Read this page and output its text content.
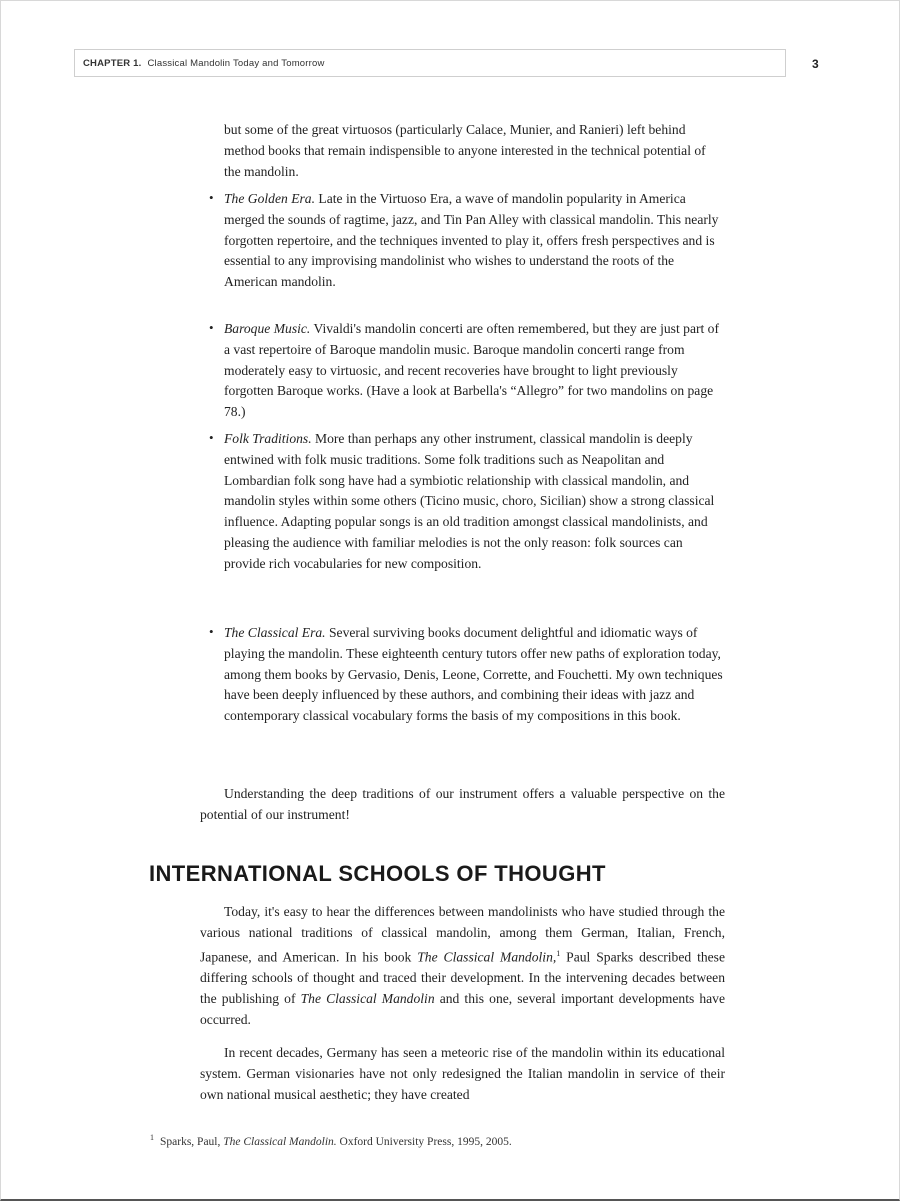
CHAPTER 1. Classical Mandolin Today and Tomorrow	3

but some of the great virtuosos (particularly Calace, Munier, and Ranieri) left behind method books that remain indispensible to anyone interested in the technical potential of the mandolin.

• The Golden Era. Late in the Virtuoso Era, a wave of mandolin popularity in America merged the sounds of ragtime, jazz, and Tin Pan Alley with classical mandolin. This nearly forgotten repertoire, and the techniques invented to play it, offers fresh perspectives and is essential to any improvising mandolinist who wishes to understand the roots of the American mandolin.

• Baroque Music. Vivaldi's mandolin concerti are often remembered, but they are just part of a vast repertoire of Baroque mandolin music. Baroque mandolin concerti range from moderately easy to virtuosic, and recent recoveries have brought to light previously forgotten Baroque works. (Have a look at Barbella's “Allegro” for two mandolins on page 78.)

• Folk Traditions. More than perhaps any other instrument, classical mandolin is deeply entwined with folk music traditions. Some folk traditions such as Neapolitan and Lombardian folk song have had a symbiotic relationship with classical mandolin, and mandolin styles within some others (Ticino music, choro, Sicilian) show a strong classical influence. Adapting popular songs is an old tradition amongst classical mandolinists, and pleasing the audience with familiar melodies is not the only reason: folk sources can provide rich vocabularies for new composition.

• The Classical Era. Several surviving books document delightful and idiomatic ways of playing the mandolin. These eighteenth century tutors offer new paths of exploration today, among them books by Gervasio, Denis, Leone, Corrette, and Fouchetti. My own techniques have been deeply influenced by these authors, and combining their ideas with jazz and contemporary classical vocabulary forms the basis of my compositions in this book.

Understanding the deep traditions of our instrument offers a valuable perspective on the potential of our instrument!

INTERNATIONAL SCHOOLS OF THOUGHT

Today, it's easy to hear the differences between mandolinists who have studied through the various national traditions of classical mandolin, among them German, Italian, French, Japanese, and American. In his book The Classical Mandolin,$^1$ Paul Sparks described these differing schools of thought and traced their development. In the intervening decades between the publishing of The Classical Mandolin and this one, several important developments have occurred.

In recent decades, Germany has seen a meteoric rise of the mandolin within its educational system. German visionaries have not only redesigned the Italian mandolin in service of their own national musical aesthetic; they have created

$^1$ Sparks, Paul, The Classical Mandolin. Oxford University Press, 1995, 2005.
